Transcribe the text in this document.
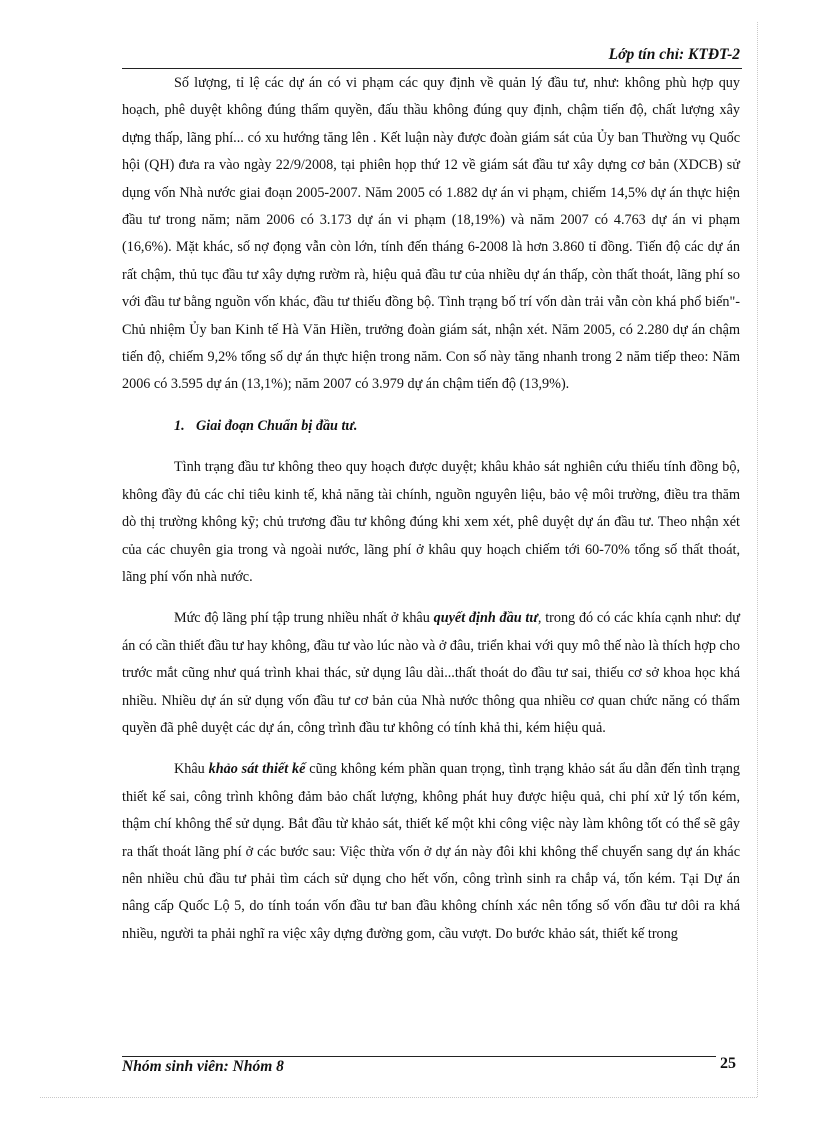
Lớp tín chỉ: KTĐT-2

Số lượng, tỉ lệ các dự án có vi phạm các quy định về quản lý đầu tư, như: không phù hợp quy hoạch, phê duyệt không đúng thẩm quyền, đấu thầu không đúng quy định, chậm tiến độ, chất lượng xây dựng thấp, lãng phí... có xu hướng tăng lên . Kết luận này được đoàn giám sát của Ủy ban Thường vụ Quốc hội (QH) đưa ra vào ngày 22/9/2008, tại phiên họp thứ 12 về giám sát đầu tư xây dựng cơ bản (XDCB) sử dụng vốn Nhà nước giai đoạn 2005-2007. Năm 2005 có 1.882 dự án vi phạm, chiếm 14,5% dự án thực hiện đầu tư trong năm; năm 2006 có 3.173 dự án vi phạm (18,19%) và năm 2007 có 4.763 dự án vi phạm (16,6%). Mặt khác, số nợ đọng vẫn còn lớn, tính đến tháng 6-2008 là hơn 3.860 tỉ đồng. Tiến độ các dự án rất chậm, thủ tục đầu tư xây dựng rườm rà, hiệu quả đầu tư của nhiều dự án thấp, còn thất thoát, lãng phí so với đầu tư bằng nguồn vốn khác, đầu tư thiếu đồng bộ. Tình trạng bố trí vốn dàn trải vẫn còn khá phổ biến"- Chủ nhiệm Ủy ban Kinh tế Hà Văn Hiền, trưởng đoàn giám sát, nhận xét. Năm 2005, có 2.280 dự án chậm tiến độ, chiếm 9,2% tổng số dự án thực hiện trong năm. Con số này tăng nhanh trong 2 năm tiếp theo: Năm 2006 có 3.595 dự án (13,1%); năm 2007 có 3.979 dự án chậm tiến độ (13,9%).

1. Giai đoạn Chuẩn bị đầu tư.

Tình trạng đầu tư không theo quy hoạch được duyệt; khâu khảo sát nghiên cứu thiếu tính đồng bộ, không đầy đủ các chỉ tiêu kinh tế, khả năng tài chính, nguồn nguyên liệu, bảo vệ môi trường, điều tra thăm dò thị trường không kỹ; chủ trương đầu tư không đúng khi xem xét, phê duyệt dự án đầu tư. Theo nhận xét của các chuyên gia trong và ngoài nước, lãng phí ở khâu quy hoạch chiếm tới 60-70% tổng số thất thoát, lãng phí vốn nhà nước.

Mức độ lãng phí tập trung nhiều nhất ở khâu quyết định đầu tư, trong đó có các khía cạnh như: dự án có cần thiết đầu tư hay không, đầu tư vào lúc nào và ở đâu, triển khai với quy mô thế nào là thích hợp cho trước mắt cũng như quá trình khai thác, sử dụng lâu dài...thất thoát do đầu tư sai, thiếu cơ sở khoa học khá nhiều. Nhiều dự án sử dụng vốn đầu tư cơ bản của Nhà nước thông qua nhiều cơ quan chức năng có thẩm quyền đã phê duyệt các dự án, công trình đầu tư không có tính khả thi, kém hiệu quả.

Khâu khảo sát thiết kế cũng không kém phần quan trọng, tình trạng khảo sát ẩu dẫn đến tình trạng thiết kế sai, công trình không đảm bảo chất lượng, không phát huy được hiệu quả, chi phí xử lý tốn kém, thậm chí không thể sử dụng. Bắt đầu từ khảo sát, thiết kế một khi công việc này làm không tốt có thể sẽ gây ra thất thoát lãng phí ở các bước sau: Việc thừa vốn ở dự án này đôi khi không thể chuyển sang dự án khác nên nhiều chủ đầu tư phải tìm cách sử dụng cho hết vốn, công trình sinh ra chắp vá, tốn kém. Tại Dự án nâng cấp Quốc Lộ 5, do tính toán vốn đầu tư ban đầu không chính xác nên tổng số vốn đầu tư dôi ra khá nhiều, người ta phải nghĩ ra việc xây dựng đường gom, cầu vượt. Do bước khảo sát, thiết kế trong

Nhóm sinh viên: Nhóm 8	25
